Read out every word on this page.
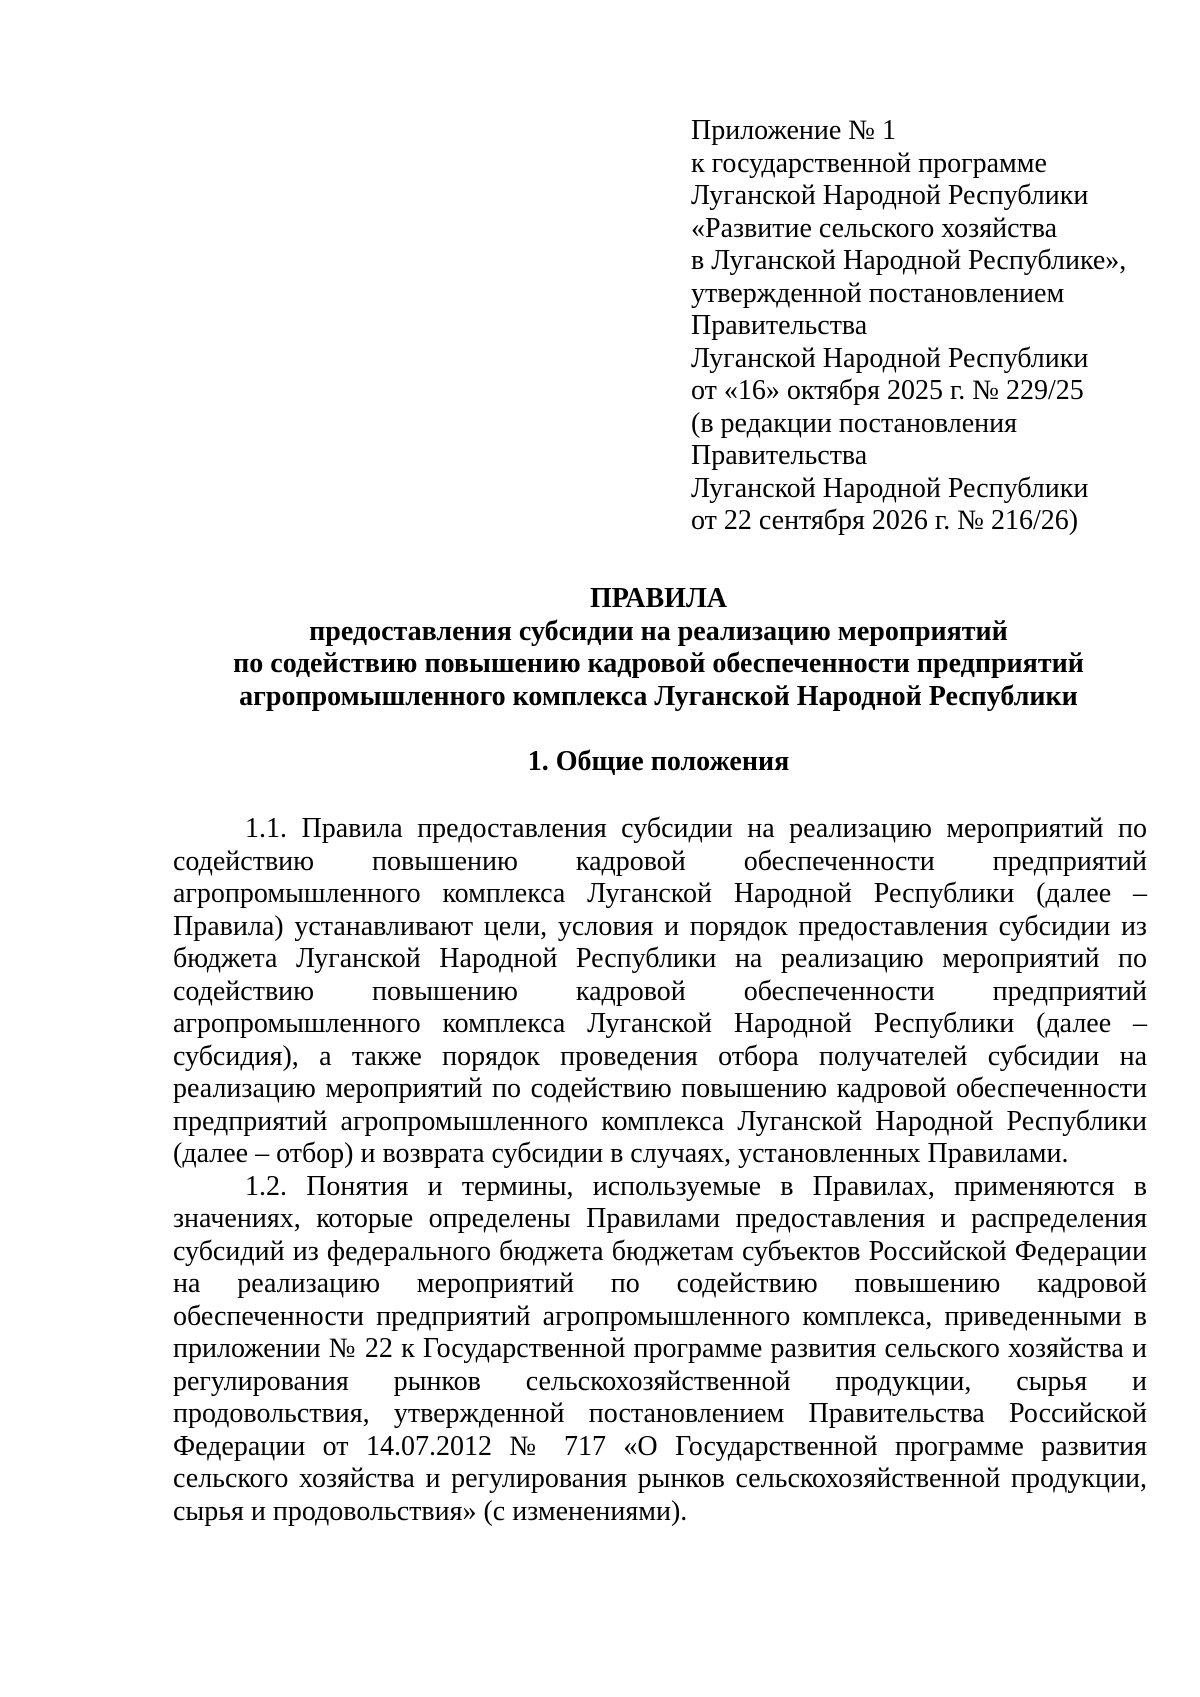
Приложение № 1
к государственной программе
Луганской Народной Республики
«Развитие сельского хозяйства
в Луганской Народной Республике»,
утвержденной постановлением
Правительства
Луганской Народной Республики
от «16» октября 2025 г. № 229/25
(в редакции постановления
Правительства
Луганской Народной Республики
от 22 сентября 2026 г. № 216/26)
ПРАВИЛА
предоставления субсидии на реализацию мероприятий
по содействию повышению кадровой обеспеченности предприятий
агропромышленного комплекса Луганской Народной Республики
1. Общие положения

1.1. Правила предоставления субсидии на реализацию мероприятий по содействию повышению кадровой обеспеченности предприятий агропромышленного комплекса Луганской Народной Республики (далее – Правила) устанавливают цели, условия и порядок предоставления субсидии из бюджета Луганской Народной Республики на реализацию мероприятий по содействию повышению кадровой обеспеченности предприятий агропромышленного комплекса Луганской Народной Республики (далее – субсидия), а также порядок проведения отбора получателей субсидии на реализацию мероприятий по содействию повышению кадровой обеспеченности предприятий агропромышленного комплекса Луганской Народной Республики (далее – отбор) и возврата субсидии в случаях, установленных Правилами.

1.2. Понятия и термины, используемые в Правилах, применяются в значениях, которые определены Правилами предоставления и распределения субсидий из федерального бюджета бюджетам субъектов Российской Федерации на реализацию мероприятий по содействию повышению кадровой обеспеченности предприятий агропромышленного комплекса, приведенными в приложении № 22 к Государственной программе развития сельского хозяйства и регулирования рынков сельскохозяйственной продукции, сырья и продовольствия, утвержденной постановлением Правительства Российской Федерации от 14.07.2012 № 717 «О Государственной программе развития сельского хозяйства и регулирования рынков сельскохозяйственной продукции, сырья и продовольствия» (с изменениями).
